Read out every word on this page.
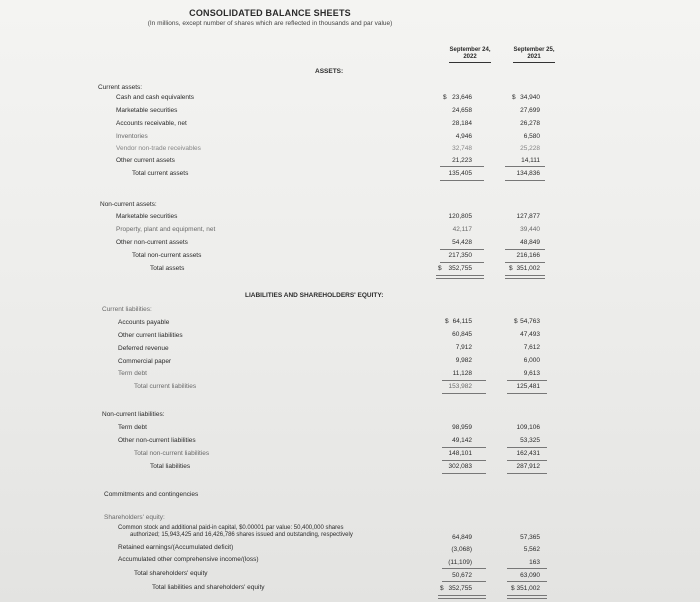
CONSOLIDATED BALANCE SHEETS
(In millions, except number of shares which are reflected in thousands and par value)
September 24,
2022
September 25,
2021
ASSETS:
Current assets:
$	$
Cash and cash equivalents	23,646	34,940
Marketable securities	24,658	27,699
Accounts receivable, net	28,184	26,278
Inventories	4,946	6,580
Vendor non-trade receivables	32,748	25,228
Other current assets	21,223	14,111
Total current assets	135,405	134,836
Non-current assets:
Marketable securities	120,805	127,877
Property, plant and equipment, net	42,117	39,440
Other non-current assets	54,428	48,849
Total non-current assets	217,350	216,166
$	$
Total assets	352,755	351,002
LIABILITIES AND SHAREHOLDERS' EQUITY:
Current liabilities:
$	$
Accounts payable	64,115	54,763
Other current liabilities	60,845	47,493
Deferred revenue	7,912	7,612
Commercial paper	9,982	6,000
Term debt	11,128	9,613
Total current liabilities	153,982	125,481
Non-current liabilities:
Term debt	98,959	109,106
Other non-current liabilities	49,142	53,325
Total non-current liabilities	148,101	162,431
Total liabilities	302,083	287,912
Commitments and contingencies
Shareholders' equity:
Common stock and additional paid-in capital, $0.00001 par value: 50,400,000 shares
authorized; 15,943,425 and 16,426,786 shares issued and outstanding, respectively	64,849	57,365
Retained earnings/(Accumulated deficit)	(3,068)	5,562
Accumulated other comprehensive income/(loss)	(11,109)	163
Total shareholders' equity	50,672	63,090
$	$
Total liabilities and shareholders' equity	352,755	351,002
